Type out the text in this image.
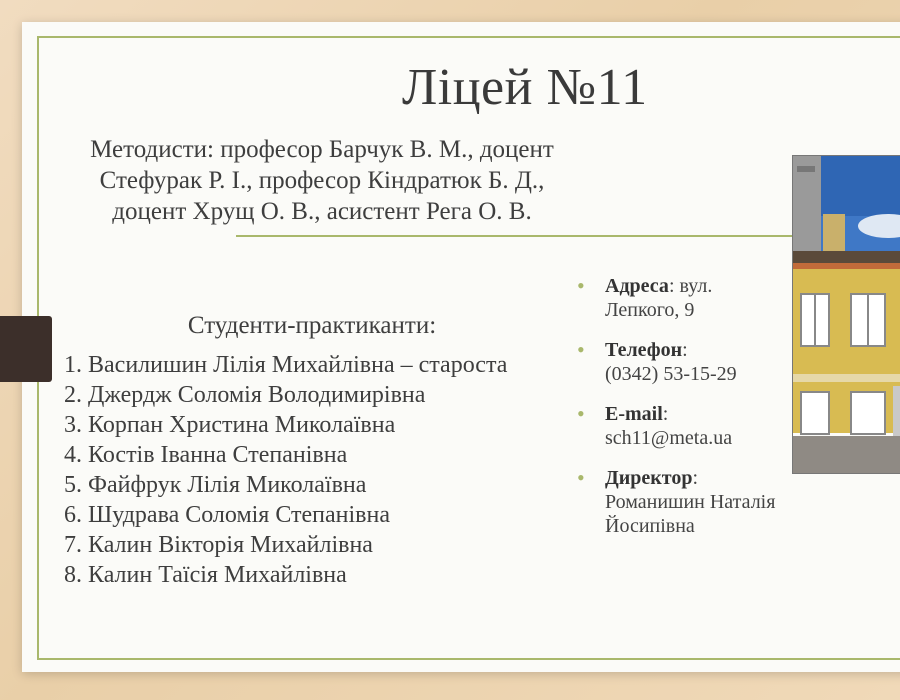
Ліцей №11
Методисти: професор Барчук В. М., доцент Стефурак Р. І., професор Кіндратюк Б. Д., доцент Хрущ О. В., асистент Рега О. В.
Студенти-практиканти:
1. Василишин Лілія Михайлівна – староста
2. Джердж Соломія Володимирівна
3. Корпан Христина Миколаївна
4. Костів Іванна Степанівна
5. Файфрук Лілія Миколаївна
6. Шудрава Соломія Степанівна
7. Калин Вікторія Михайлівна
8. Калин Таїсія Михайлівна
• Адреса: вул. Лепкого, 9
• Телефон:
(0342) 53-15-29
• E-mail:
sch11@meta.ua
• Директор:
Романишин Наталія Йосипівна
